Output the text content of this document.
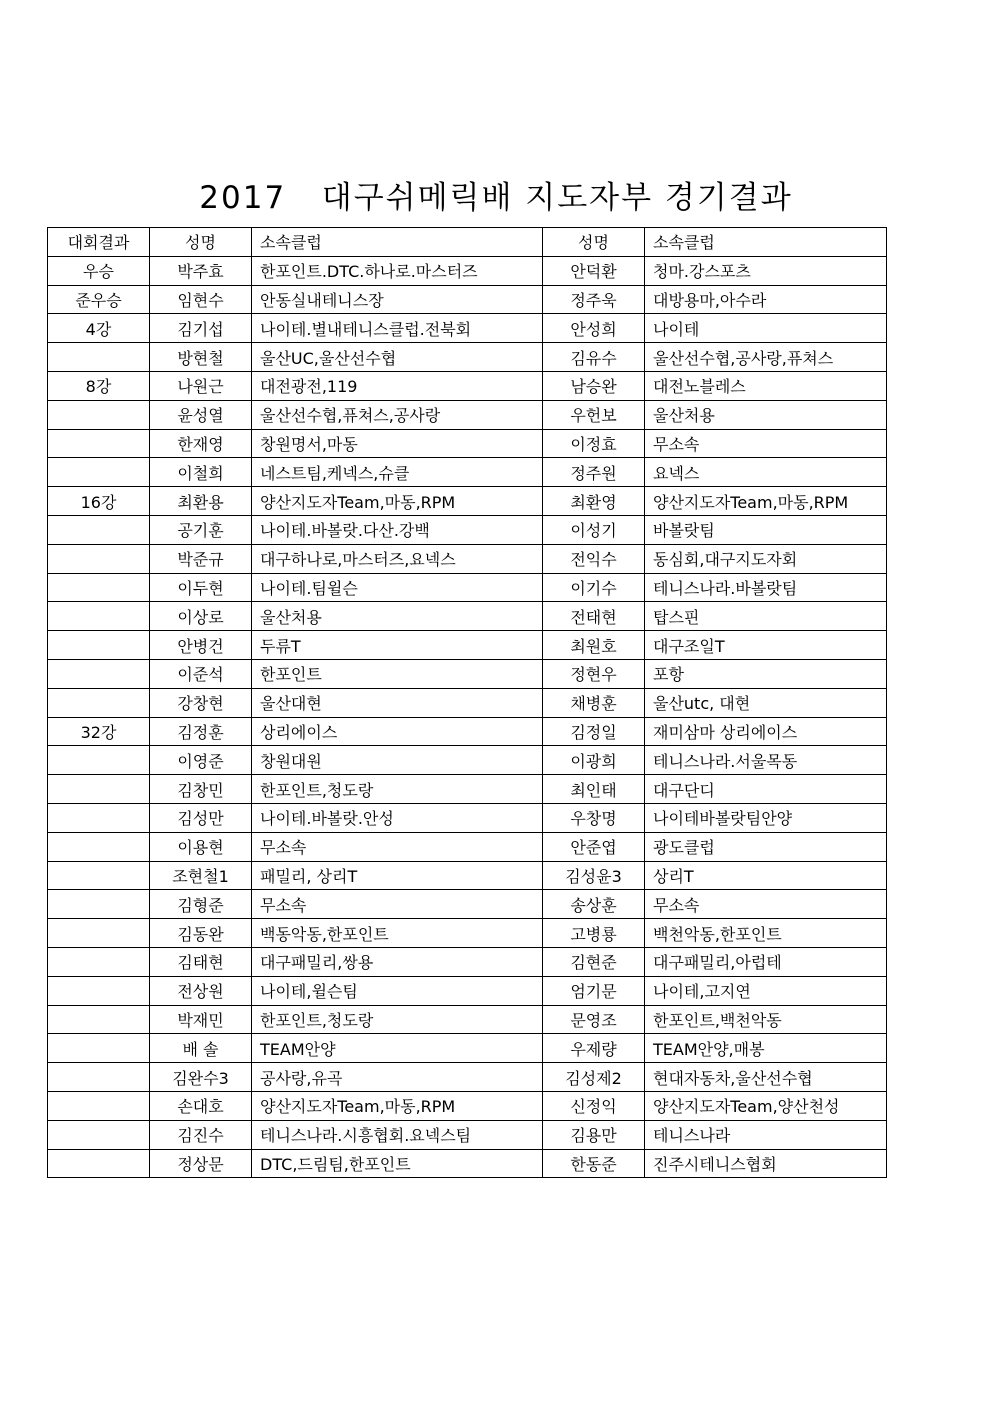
2017   대구쉬메릭배 지도자부 경기결과
대회결과	성명	소속클럽	성명	소속클럽
우승	박주효	한포인트.DTC.하나로.마스터즈	안덕환	청마.강스포츠
준우승	임현수	안동실내테니스장	정주욱	대방용마,아수라
4강	김기섭	나이테.별내테니스클럽.전북회	안성희	나이테
	방현철	울산UC,울산선수협	김유수	울산선수협,공사랑,퓨쳐스
8강	나원근	대전광전,119	남승완	대전노블레스
	윤성열	울산선수협,퓨쳐스,공사랑	우헌보	울산처용
	한재영	창원명서,마동	이정효	무소속
	이철희	네스트팀,케넥스,슈클	정주원	요넥스
16강	최환용	양산지도자Team,마동,RPM	최환영	양산지도자Team,마동,RPM
	공기훈	나이테.바볼랏.다산.강백	이성기	바볼랏팀
	박준규	대구하나로,마스터즈,요넥스	전익수	동심회,대구지도자회
	이두현	나이테.팀윌슨	이기수	테니스나라.바볼랏팀
	이상로	울산처용	전태현	탑스핀
	안병건	두류T	최원호	대구조일T
	이준석	한포인트	정현우	포항
	강창현	울산대현	채병훈	울산utc, 대현
32강	김정훈	상리에이스	김정일	재미삼마 상리에이스
	이영준	창원대원	이광희	테니스나라.서울목동
	김창민	한포인트,청도랑	최인태	대구단디
	김성만	나이테.바볼랏.안성	우창명	나이테바볼랏팀안양
	이용현	무소속	안준엽	광도클럽
	조현철1	패밀리, 상리T	김성윤3	상리T
	김형준	무소속	송상훈	무소속
	김동완	백동악동,한포인트	고병룡	백천악동,한포인트
	김태현	대구패밀리,쌍용	김현준	대구패밀리,아럽테
	전상원	나이테,윌슨팀	엄기문	나이테,고지연
	박재민	한포인트,청도랑	문영조	한포인트,백천악동
	배 솔	TEAM안양	우제량	TEAM안양,매봉
	김완수3	공사랑,유곡	김성제2	현대자동차,울산선수협
	손대호	양산지도자Team,마동,RPM	신정익	양산지도자Team,양산천성
	김진수	테니스나라.시흥협회.요넥스팀	김용만	테니스나라
	정상문	DTC,드림팀,한포인트	한동준	진주시테니스협회
